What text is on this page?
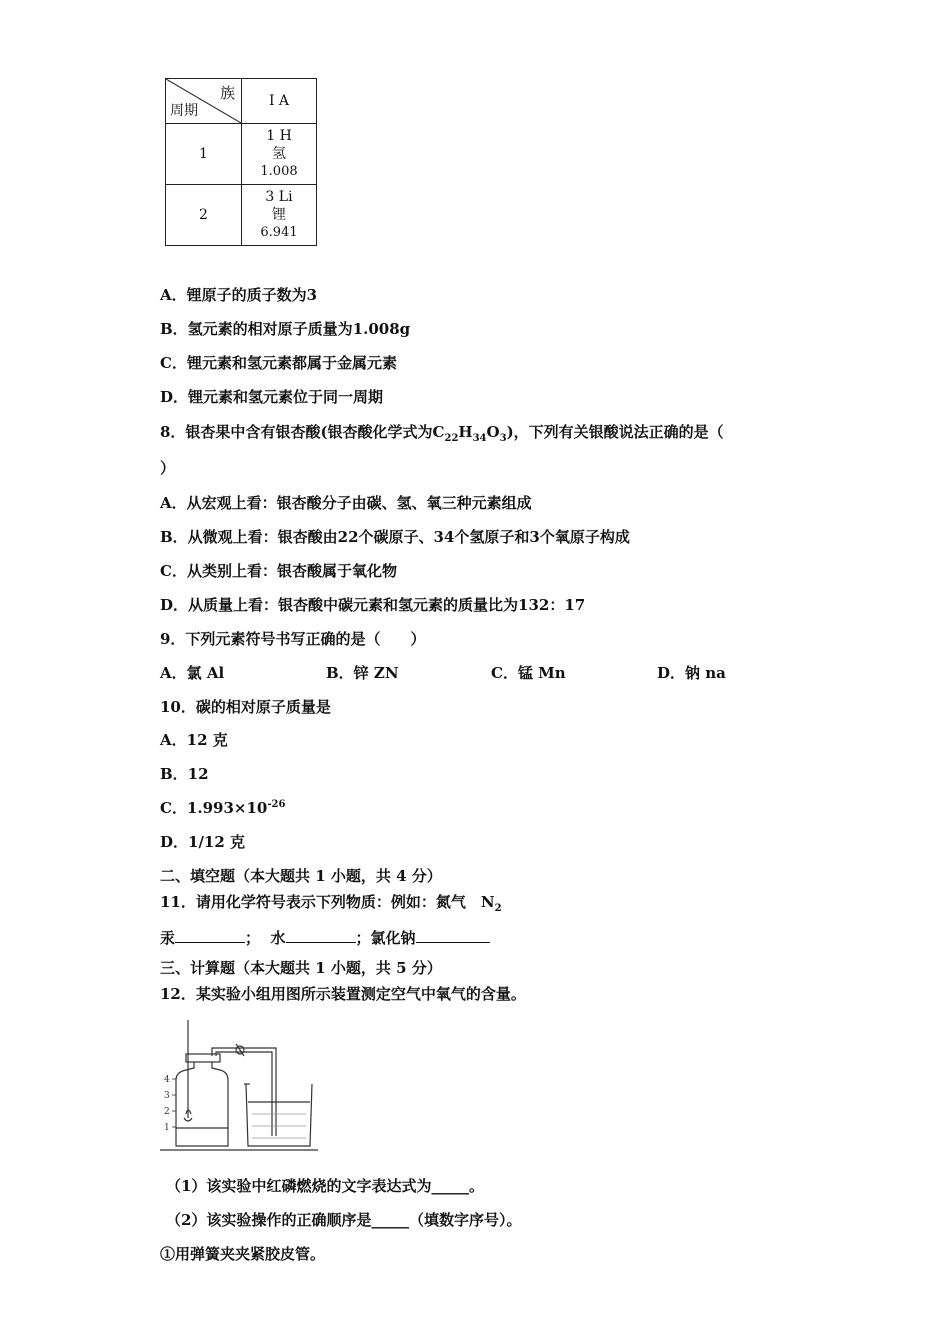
族
周期	I A
1	1 H
氢
1.008

2	3 Li
锂
6.941
A．锂原子的质子数为3
B．氢元素的相对原子质量为1.008g
C．锂元素和氢元素都属于金属元素
D．锂元素和氢元素位于同一周期
8．银杏果中含有银杏酸(银杏酸化学式为$C_{22}H_{34}O_3$)，下列有关银酸说法正确的是（
）
A．从宏观上看：银杏酸分子由碳、氢、氧三种元素组成
B．从微观上看：银杏酸由22个碳原子、34个氢原子和3个氧原子构成
C．从类别上看：银杏酸属于氧化物
D．从质量上看：银杏酸中碳元素和氢元素的质量比为132：17
9．下列元素符号书写正确的是（　　）
A．氯 Al	B．锌 ZN	C．锰 Mn	D．钠 na
10．碳的相对原子质量是
A．12 克
B．12
C．$1.993\times 10^{-26}$
D．1/12 克
二、填空题（本大题共 1 小题，共 4 分）
11．请用化学符号表示下列物质：例如：氮气　$N_2$
汞	； 水	；氯化钠
三、计算题（本大题共 1 小题，共 5 分）
12．某实验小组用图所示装置测定空气中氧气的含量。
4
3
2
1
（1）该实验中红磷燃烧的文字表达式为_____。
（2）该实验操作的正确顺序是_____（填数字序号）。
①用弹簧夹夹紧胶皮管。
